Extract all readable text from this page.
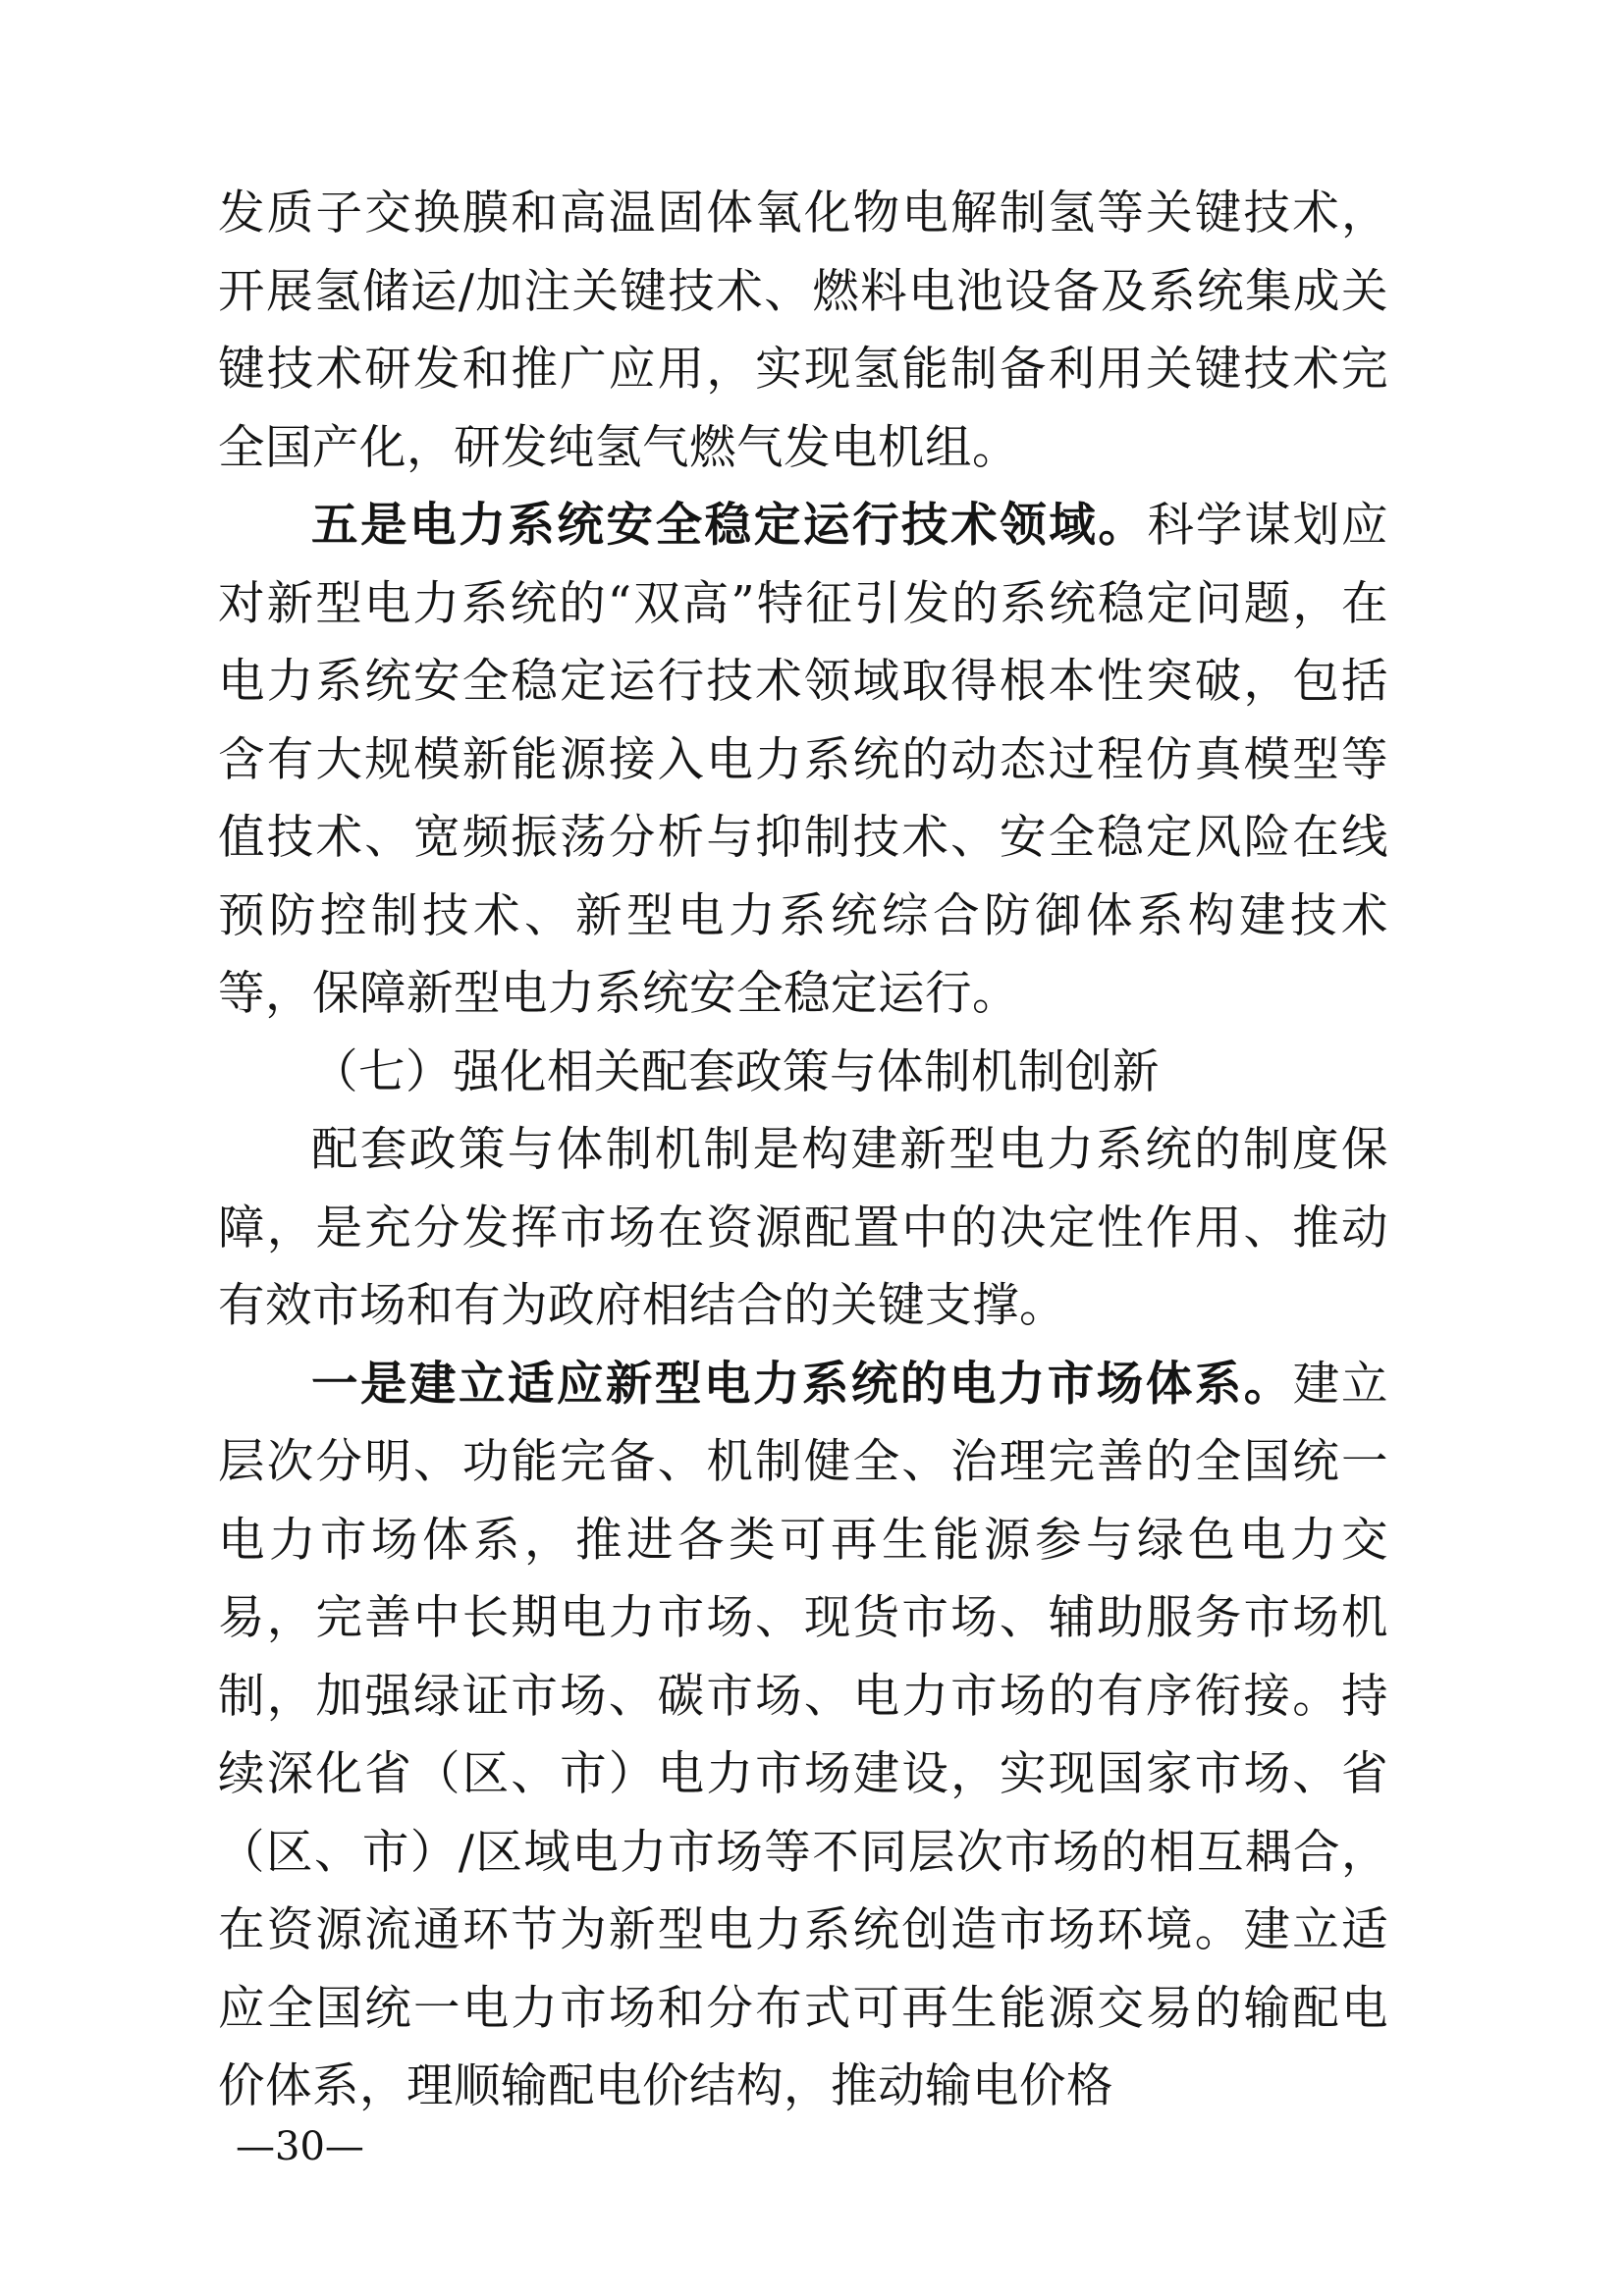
发质子交换膜和高温固体氧化物电解制氢等关键技术，开展氢储运/加注关键技术、燃料电池设备及系统集成关键技术研发和推广应用，实现氢能制备利用关键技术完全国产化，研发纯氢气燃气发电机组。

五是电力系统安全稳定运行技术领域。科学谋划应对新型电力系统的“双高”特征引发的系统稳定问题，在电力系统安全稳定运行技术领域取得根本性突破，包括含有大规模新能源接入电力系统的动态过程仿真模型等值技术、宽频振荡分析与抑制技术、安全稳定风险在线预防控制技术、新型电力系统综合防御体系构建技术等，保障新型电力系统安全稳定运行。

（七）强化相关配套政策与体制机制创新

配套政策与体制机制是构建新型电力系统的制度保障，是充分发挥市场在资源配置中的决定性作用、推动有效市场和有为政府相结合的关键支撑。

一是建立适应新型电力系统的电力市场体系。建立层次分明、功能完备、机制健全、治理完善的全国统一电力市场体系，推进各类可再生能源参与绿色电力交易，完善中长期电力市场、现货市场、辅助服务市场机制，加强绿证市场、碳市场、电力市场的有序衔接。持续深化省（区、市）电力市场建设，实现国家市场、省（区、市）/区域电力市场等不同层次市场的相互耦合，在资源流通环节为新型电力系统创造市场环境。建立适应全国统一电力市场和分布式可再生能源交易的输配电价体系，理顺输配电价结构，推动输电价格

—30—
